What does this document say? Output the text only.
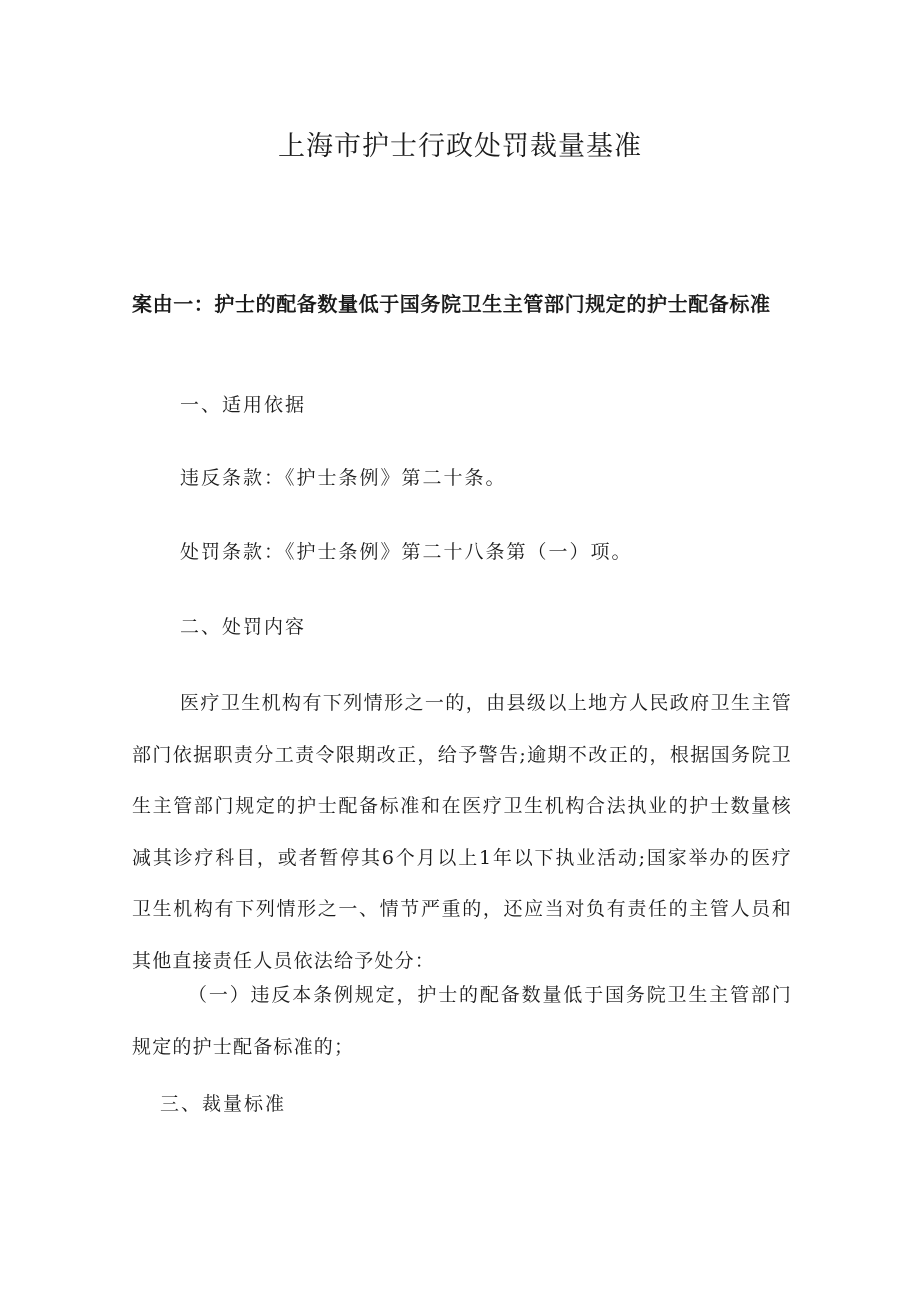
上海市护士行政处罚裁量基准
案由一：护士的配备数量低于国务院卫生主管部门规定的护士配备标准

一、适用依据

违反条款：《护士条例》第二十条。

处罚条款：《护士条例》第二十八条第（一）项。

二、处罚内容

医疗卫生机构有下列情形之一的，由县级以上地方人民政府卫生主管部门依据职责分工责令限期改正，给予警告;逾期不改正的，根据国务院卫生主管部门规定的护士配备标准和在医疗卫生机构合法执业的护士数量核减其诊疗科目，或者暂停其6个月以上1年以下执业活动;国家举办的医疗卫生机构有下列情形之一、情节严重的，还应当对负有责任的主管人员和其他直接责任人员依法给予处分：

（一）违反本条例规定，护士的配备数量低于国务院卫生主管部门规定的护士配备标准的；

三、裁量标准
